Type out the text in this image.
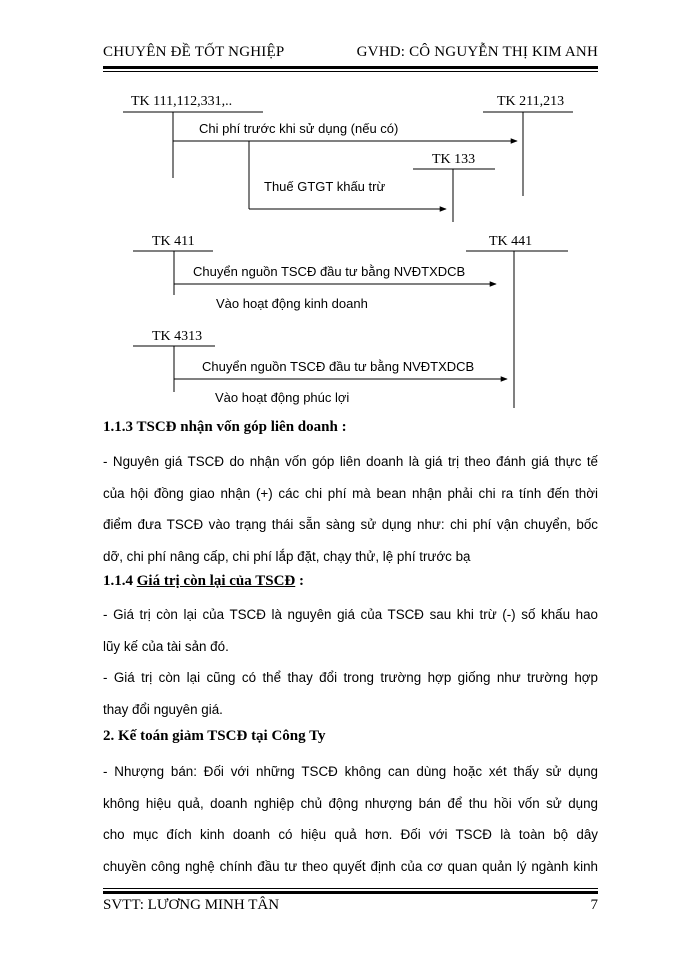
CHUYÊN ĐỀ TỐT NGHIỆP	GVHD: CÔ NGUYỄN THỊ KIM ANH
TK 111,112,331,..	TK 211,213
Chi phí trước khi sử dụng (nếu có)
TK 133
Thuế GTGT khấu trừ
TK 411	TK 441
Chuyển nguồn TSCĐ đầu tư bằng NVĐTXDCB
Vào hoạt động kinh doanh
TK 4313
Chuyển nguồn TSCĐ đầu tư bằng NVĐTXDCB
Vào hoạt động phúc lợi
1.1.3 TSCĐ nhận vốn góp liên doanh :
- Nguyên giá TSCĐ do nhận vốn góp liên doanh là giá trị theo đánh giá thực tế
của hội đồng giao nhận (+) các chi phí mà bean nhận phải chi ra tính đến thời
điểm đưa TSCĐ vào trạng thái sẵn sàng sử dụng như: chi phí vận chuyển, bốc
dỡ, chi phí nâng cấp, chi phí lắp đặt, chạy thử, lệ phí trước bạ
1.1.4 Giá trị còn lại của TSCĐ :
- Giá trị còn lại của TSCĐ là nguyên giá của TSCĐ sau khi trừ (-) số khấu hao
lũy kế của tài sản đó.
- Giá trị còn lại cũng có thể thay đổi trong trường hợp giống như trường hợp
thay đổi nguyên giá.
2. Kế toán giảm TSCĐ tại Công Ty
- Nhượng bán: Đối với những TSCĐ không can dùng hoặc xét thấy sử dụng
không hiệu quả, doanh nghiệp chủ động nhượng bán để thu hồi vốn sử dụng
cho mục đích kinh doanh có hiệu quả hơn. Đối với TSCĐ là toàn bộ dây
chuyền công nghệ chính đầu tư theo quyết định của cơ quan quản lý ngành kinh
SVTT: LƯƠNG MINH TÂN	7
